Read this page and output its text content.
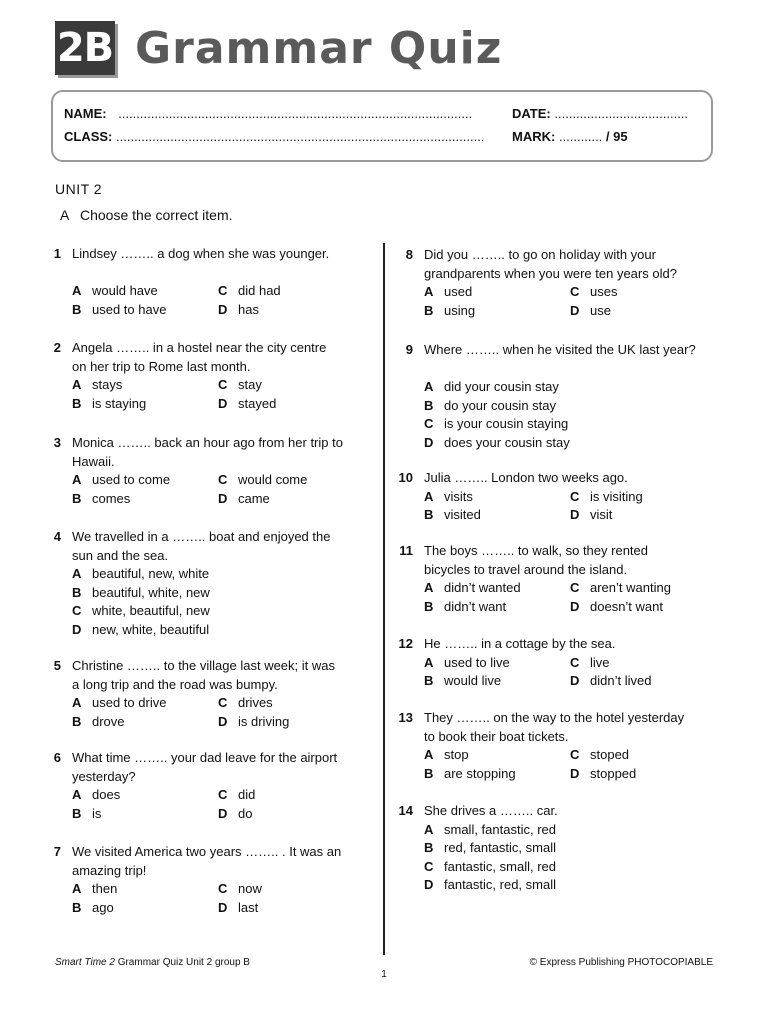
2B Grammar Quiz
NAME: ..................................................................................................
CLASS: ......................................................................................................
DATE: .....................................
MARK: ............ / 95
UNIT 2
A Choose the correct item.
1 Lindsey …….. a dog when she was younger.
A would have
B used to have
C did had
D has
2 Angela …….. in a hostel near the city centre on her trip to Rome last month.
A stays
B is staying
C stay
D stayed
3 Monica …….. back an hour ago from her trip to Hawaii.
A used to come
B comes
C would come
D came
4 We travelled in a …….. boat and enjoyed the sun and the sea.
A beautiful, new, white
B beautiful, white, new
C white, beautiful, new
D new, white, beautiful
5 Christine …….. to the village last week; it was a long trip and the road was bumpy.
A used to drive
B drove
C drives
D is driving
6 What time …….. your dad leave for the airport yesterday?
A does
B is
C did
D do
7 We visited America two years …….. . It was an amazing trip!
A then
B ago
C now
D last
8 Did you …….. to go on holiday with your grandparents when you were ten years old?
A used
B using
C uses
D use
9 Where …….. when he visited the UK last year?
A did your cousin stay
B do your cousin stay
C is your cousin staying
D does your cousin stay
10 Julia …….. London two weeks ago.
A visits
B visited
C is visiting
D visit
11 The boys …….. to walk, so they rented bicycles to travel around the island.
A didn’t wanted
B didn’t want
C aren’t wanting
D doesn’t want
12 He …….. in a cottage by the sea.
A used to live
B would live
C live
D didn’t lived
13 They …….. on the way to the hotel yesterday to book their boat tickets.
A stop
B are stopping
C stoped
D stopped
14 She drives a …….. car.
A small, fantastic, red
B red, fantastic, small
C fantastic, small, red
D fantastic, red, small
Smart Time 2 Grammar Quiz Unit 2 group B	© Express Publishing PHOTOCOPIABLE
1
